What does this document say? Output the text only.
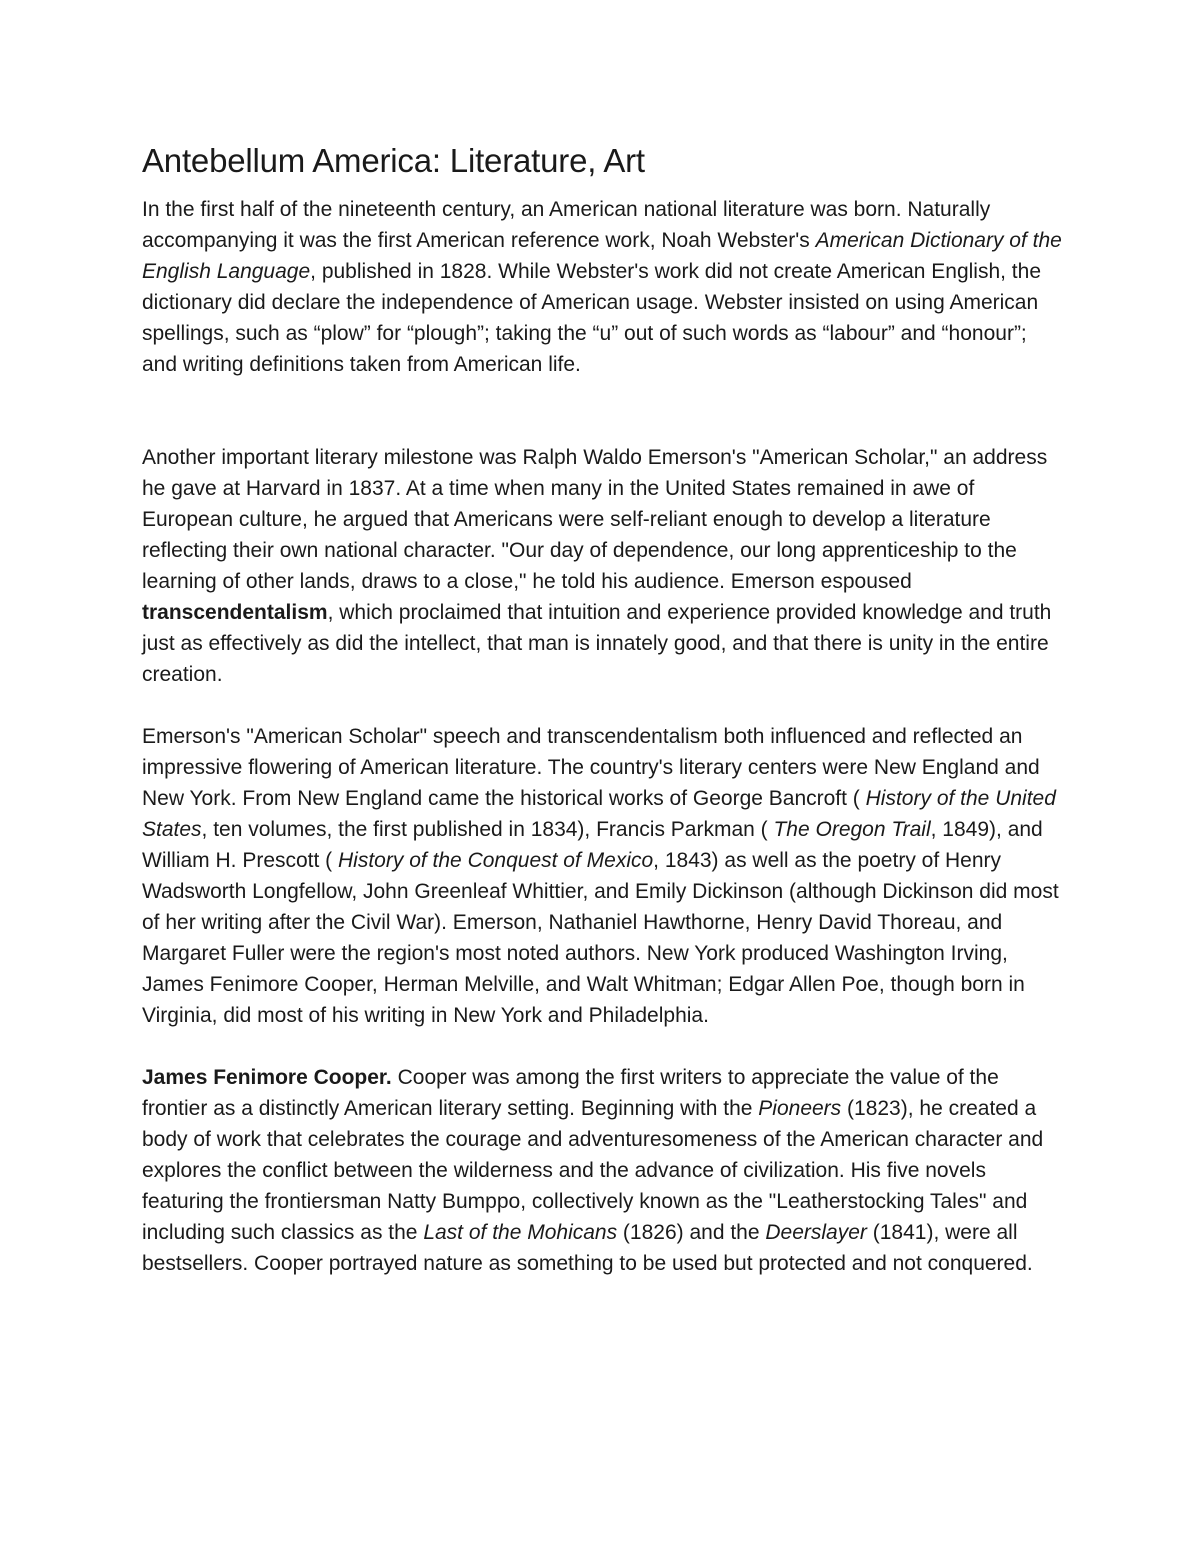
Antebellum America: Literature, Art

In the first half of the nineteenth century, an American national literature was born. Naturally accompanying it was the first American reference work, Noah Webster's American Dictionary of the English Language, published in 1828. While Webster's work did not create American English, the dictionary did declare the independence of American usage. Webster insisted on using American spellings, such as “plow” for “plough”; taking the “u” out of such words as “labour” and “honour”; and writing definitions taken from American life.

Another important literary milestone was Ralph Waldo Emerson's "American Scholar," an address he gave at Harvard in 1837. At a time when many in the United States remained in awe of European culture, he argued that Americans were self-reliant enough to develop a literature reflecting their own national character. "Our day of dependence, our long apprenticeship to the learning of other lands, draws to a close," he told his audience. Emerson espoused transcendentalism, which proclaimed that intuition and experience provided knowledge and truth just as effectively as did the intellect, that man is innately good, and that there is unity in the entire creation.

Emerson's "American Scholar" speech and transcendentalism both influenced and reflected an impressive flowering of American literature. The country's literary centers were New England and New York. From New England came the historical works of George Bancroft ( History of the United States, ten volumes, the first published in 1834), Francis Parkman ( The Oregon Trail, 1849), and William H. Prescott ( History of the Conquest of Mexico, 1843) as well as the poetry of Henry Wadsworth Longfellow, John Greenleaf Whittier, and Emily Dickinson (although Dickinson did most of her writing after the Civil War). Emerson, Nathaniel Hawthorne, Henry David Thoreau, and Margaret Fuller were the region's most noted authors. New York produced Washington Irving, James Fenimore Cooper, Herman Melville, and Walt Whitman; Edgar Allen Poe, though born in Virginia, did most of his writing in New York and Philadelphia.

James Fenimore Cooper. Cooper was among the first writers to appreciate the value of the frontier as a distinctly American literary setting. Beginning with the Pioneers (1823), he created a body of work that celebrates the courage and adventuresomeness of the American character and explores the conflict between the wilderness and the advance of civilization. His five novels featuring the frontiersman Natty Bumppo, collectively known as the "Leatherstocking Tales" and including such classics as the Last of the Mohicans (1826) and the Deerslayer (1841), were all bestsellers. Cooper portrayed nature as something to be used but protected and not conquered.
